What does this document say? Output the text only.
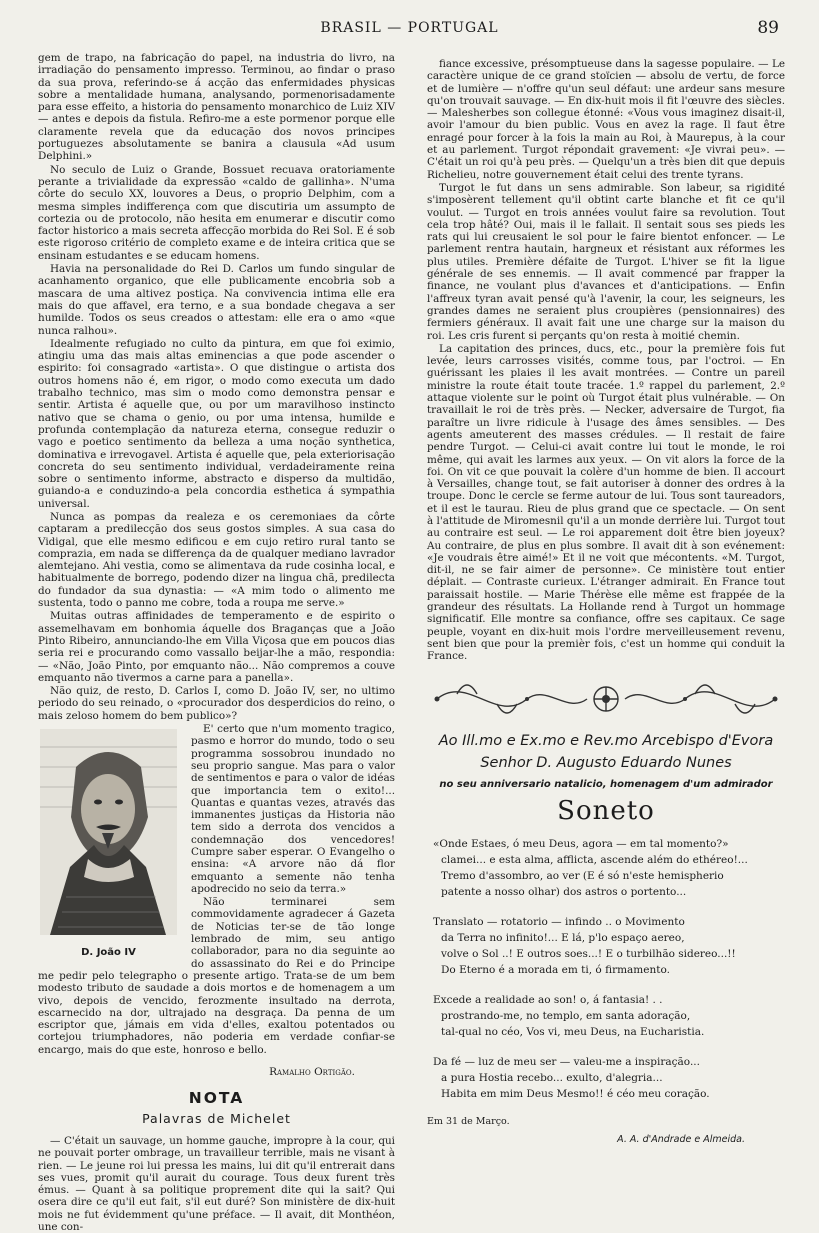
BRASIL — PORTUGAL	89

gem de trapo, na fabricação do papel, na industria do livro, na irradiação do pensamento impresso. Terminou, ao findar o praso da sua prova, referindo-se á acção das enfermidades physicas sobre a mentalidade humana, analysando, pormenorisadamente para esse effeito, a historia do pensamento monarchico de Luiz XIV — antes e depois da fistula. Refiro-me a este pormenor porque elle claramente revela que da educação dos novos principes portuguezes absolutamente se banira a clausula «Ad usum Delphini.»

No seculo de Luiz o Grande, Bossuet recuava oratoriamente perante a trivialidade da expressão «caldo de gallinha». N'uma côrte do seculo XX, louvores a Deus, o proprio Delphim, com a mesma simples indifferença com que discutiria um assumpto de cortezia ou de protocolo, não hesita em enumerar e discutir como factor historico a mais secreta affecção morbida do Rei Sol. E é sob este rigoroso critério de completo exame e de inteira critica que se ensinam estudantes e se educam homens.

Havia na personalidade do Rei D. Carlos um fundo singular de acanhamento organico, que elle publicamente encobria sob a mascara de uma altivez postiça. Na convivencia intima elle era mais do que affavel, era terno, e a sua bondade chegava a ser humilde. Todos os seus creados o attestam: elle era o amo «que nunca ralhou».

Idealmente refugiado no culto da pintura, em que foi eximio, atingiu uma das mais altas eminencias a que pode ascender o espirito: foi consagrado «artista». O que distingue o artista dos outros homens não é, em rigor, o modo como executa um dado trabalho technico, mas sim o modo como demonstra pensar e sentir. Artista é aquelle que, ou por um maravilhoso instincto nativo que se chama o genio, ou por uma intensa, humilde e profunda contemplação da natureza eterna, consegue reduzir o vago e poetico sentimento da belleza a uma noção synthetica, dominativa e irrevogavel. Artista é aquelle que, pela exteriorisação concreta do seu sentimento individual, verdadeiramente reina sobre o sentimento informe, abstracto e disperso da multidão, guiando-a e conduzindo-a pela concordia esthetica á sympathia universal.

Nunca as pompas da realeza e os ceremoniaes da côrte captaram a predilecção dos seus gostos simples. A sua casa do Vidigal, que elle mesmo edificou e em cujo retiro rural tanto se comprazia, em nada se differença da de qualquer mediano lavrador alemtejano. Ahi vestia, como se alimentava da rude cosinha local, e habitualmente de borrego, podendo dizer na lingua chã, predilecta do fundador da sua dynastia: — «A mim todo o alimento me sustenta, todo o panno me cobre, toda a roupa me serve.»

Muitas outras affinidades de temperamento e de espirito o assemelhavam em bonhomia áquelle dos Braganças que a João Pinto Ribeiro, annunciando-lhe em Villa Viçosa que em poucos dias seria rei e procurando como vassallo beijar-lhe a mão, respondia: — «Não, João Pinto, por emquanto não... Não compremos a couve emquanto não tivermos a carne para a panella».

Não quiz, de resto, D. Carlos I, como D. João IV, ser, no ultimo periodo do seu reinado, o «procurador dos desperdicios do reino, o mais zeloso homem do bem publico»?

D. João IV

E' certo que n'um momento tragico, pasmo e horror do mundo, todo o seu programma sossobrou inundado no seu proprio sangue. Mas para o valor de sentimentos e para o valor de idéas que importancia tem o exito!... Quantas e quantas vezes, através das immanentes justiças da Historia não tem sido a derrota dos vencidos a condemnação dos vencedores! Cumpre saber esperar. O Evangelho o ensina: «A arvore não dá flor emquanto a semente não tenha apodrecido no seio da terra.»

Não terminarei sem commovidamente agradecer á Gazeta de Noticias ter-se de tão longe lembrado de mim, seu antigo collaborador, para no dia seguinte ao do assassinato do Rei e do Principe me pedir pelo telegrapho o presente artigo. Trata-se de um bem modesto tributo de saudade a dois mortos e de homenagem a um vivo, depois de vencido, ferozmente insultado na derrota, escarnecido na dor, ultrajado na desgraça. Da penna de um escriptor que, jámais em vida d'elles, exaltou potentados ou cortejou triumphadores, não poderia em verdade confiar-se encargo, mais do que este, honroso e bello.

Ramalho Ortigão.
NOTA
Palavras de Michelet

— C'était un sauvage, un homme gauche, impropre à la cour, qui ne pouvait porter ombrage, un travailleur terrible, mais ne visant à rien. — Le jeune roi lui pressa les mains, lui dit qu'il entrerait dans ses vues, promit qu'il aurait du courage. Tous deux furent très émus. — Quant à sa politique proprement dite qui la sait? Qui osera dire ce qu'il eut fait, s'il eut duré? Son ministère de dix-huit mois ne fut évidemment qu'une préface. — Il avait, dit Monthéon, une con-

fiance excessive, présomptueuse dans la sagesse populaire. — Le caractère unique de ce grand stoïcien — absolu de vertu, de force et de lumière — n'offre qu'un seul défaut: une ardeur sans mesure qu'on trouvait sauvage. — En dix-huit mois il fit l'œuvre des siècles. — Malesherbes son collegue étonné: «Vous vous imaginez disait-il, avoir l'amour du bien public. Vous en avez la rage. Il faut être enragé pour forcer à la fois la main au Roi, à Maurepus, à la cour et au parlement. Turgot répondait gravement: «Je vivrai peu». — C'était un roi qu'à peu près. — Quelqu'un a très bien dit que depuis Richelieu, notre gouvernement était celui des trente tyrans.

Turgot le fut dans un sens admirable. Son labeur, sa rigidité s'imposèrent tellement qu'il obtint carte blanche et fit ce qu'il voulut. — Turgot en trois années voulut faire sa revolution. Tout cela trop hâté? Oui, mais il le fallait. Il sentait sous ses pieds les rats qui lui creusaient le sol pour le faire bientot enfoncer. — Le parlement rentra hautain, hargneux et résistant aux réformes les plus utiles. Première défaite de Turgot. L'hiver se fit la ligue générale de ses ennemis. — Il avait commencé par frapper la finance, ne voulant plus d'avances et d'anticipations. — Enfin l'affreux tyran avait pensé qu'à l'avenir, la cour, les seigneurs, les grandes dames ne seraient plus croupières (pensionnaires) des fermiers généraux. Il avait fait une une charge sur la maison du roi. Les cris furent si perçants qu'on resta à moitié chemin.

La capitation des princes, ducs, etc., pour la première fois fut levée, leurs carrosses visités, comme tous, par l'octroi. — En guérissant les plaies il les avait montrées. — Contre un pareil ministre la route était toute tracée. 1.º rappel du parlement, 2.º attaque violente sur le point où Turgot était plus vulnérable. — On travaillait le roi de très près. — Necker, adversaire de Turgot, fia paraître un livre ridicule à l'usage des âmes sensibles. — Des agents ameuterent des masses crédules. — Il restait de faire pendre Turgot. — Celui-ci avait contre lui tout le monde, le roi même, qui avait les larmes aux yeux. — On vit alors la force de la foi. On vit ce que pouvait la colère d'un homme de bien. Il accourt à Versailles, change tout, se fait autoriser à donner des ordres à la troupe. Donc le cercle se ferme autour de lui. Tous sont taureadors, et il est le taurau. Rieu de plus grand que ce spectacle. — On sent à l'attitude de Miromesnil qu'il a un monde derrière lui. Turgot tout au contraire est seul. — Le roi apparement doit être bien joyeux? Au contraire, de plus en plus sombre. Il avait dit à son evénement: «Je voudrais être aimé!» Et il ne voit que mécontents. «M. Turgot, dit-il, ne se fair aimer de personne». Ce ministère tout entier déplait. — Contraste curieux. L'étranger admirait. En France tout paraissait hostile. — Marie Thérèse elle même est frappée de la grandeur des résultats. La Hollande rend à Turgot un hommage significatif. Elle montre sa confiance, offre ses capitaux. Ce sage peuple, voyant en dix-huit mois l'ordre merveilleusement revenu, sent bien que pour la premièr fois, c'est un homme qui conduit la France.

Ao Ill.mo e Ex.mo e Rev.mo Arcebispo d'Evora
Senhor D. Augusto Eduardo Nunes
no seu anniversario natalicio, homenagem d'um admirador
Soneto
«Onde Estaes, ó meu Deus, agora — em tal momento?»
clamei... e esta alma, afflicta, ascende além do ethéreo!...
Tremo d'assombro, ao ver (E é só n'este hemispherio
patente a nosso olhar) dos astros o portento...
Translato — rotatorio — infindo .. o Movimento
da Terra no infinito!... E lá, p'lo espaço aereo,
volve o Sol ..! E outros soes...! E o turbilhão sidereo...!!
Do Eterno é a morada em ti, ó firmamento.
Excede a realidade ao son! o, á fantasia! . .
prostrando-me, no templo, em santa adoração,
tal-qual no céo, Vos vi, meu Deus, na Eucharistia.
Da fé — luz de meu ser — valeu-me a inspiração...
a pura Hostia recebo... exulto, d'alegria...
Habita em mim Deus Mesmo!! é céo meu coração.
Em 31 de Março.
A. A. d'Andrade e Almeida.
